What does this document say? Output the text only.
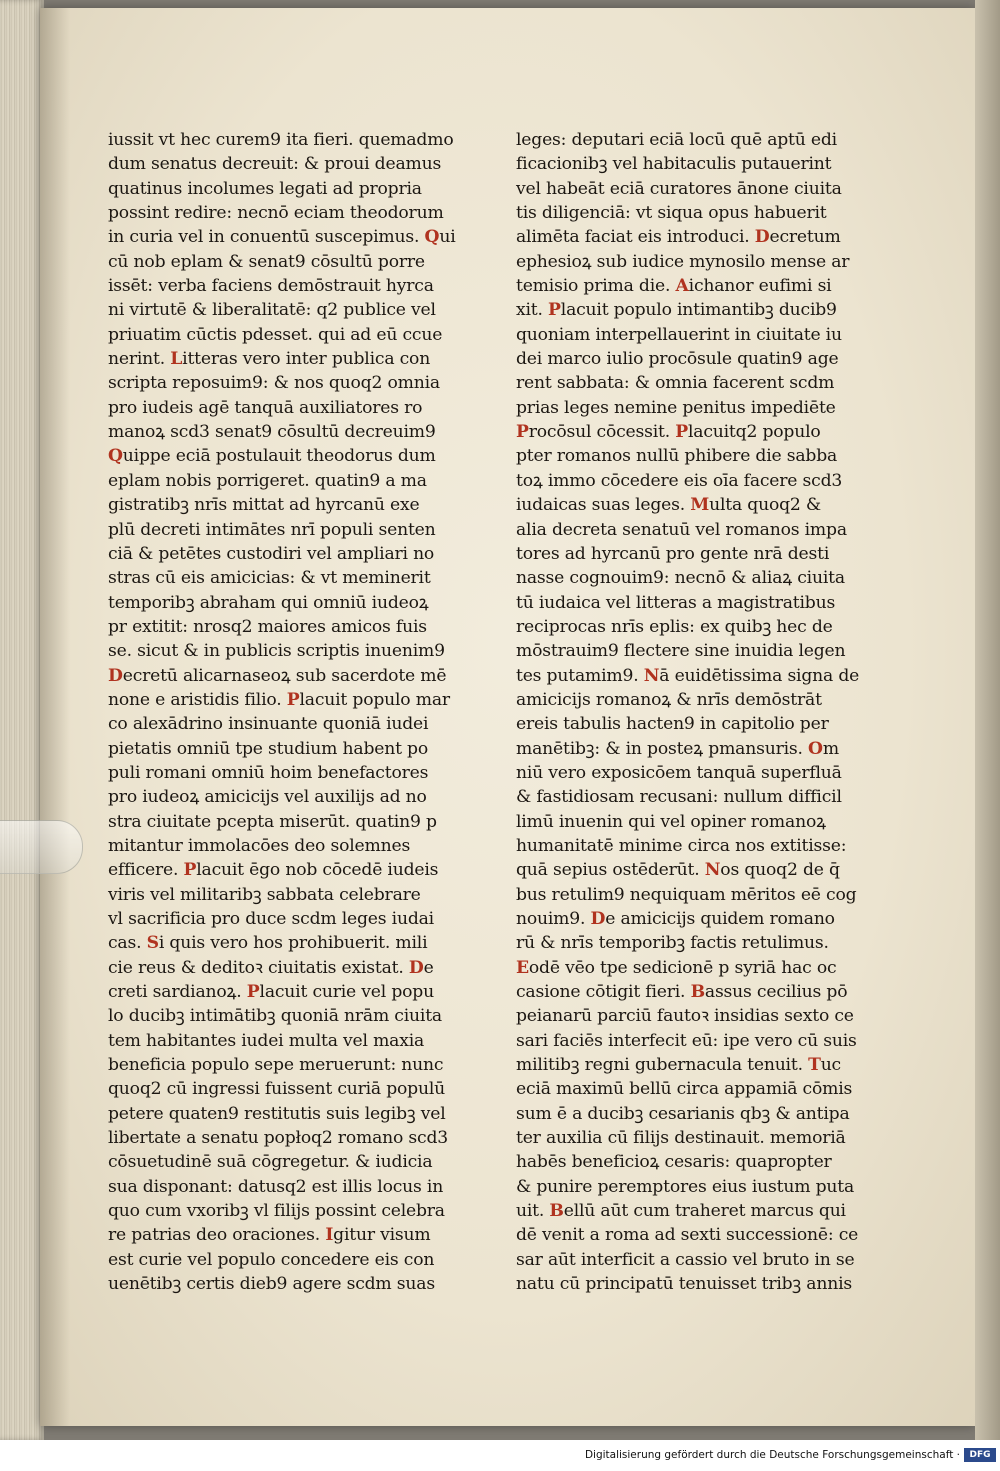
iussit vt hec curem9 ita fieri. quemadmo
dum senatus decreuit: & proui deamus
quatinus incolumes legati ad propria
possint redire: necnō eciam theodorum
in curia vel in conuentū suscepimus. Qui
cū nob eplam & senat9 cōsultū porre
issēt: verba faciens demōstrauit hyrca
ni virtutē & liberalitatē: q2 publice vel
priuatim cūctis pdesset. qui ad eū ccue
nerint. Litteras vero inter publica con
scripta reposuim9: & nos quoq2 omnia
pro iudeis agē tanquā auxiliatores ro
manoꝝ scd3 senat9 cōsultū decreuim9
Quippe eciā postulauit theodorus dum
eplam nobis porrigeret. quatin9 a ma
gistratibꝫ nrīs mittat ad hyrcanū exe
plū decreti intimātes nrī populi senten
ciā & petētes custodiri vel ampliari no
stras cū eis amicicias: & vt meminerit
temporibꝫ abraham qui omniū iudeoꝝ
pr extitit: nrosq2 maiores amicos fuis
se. sicut & in publicis scriptis inuenim9
Decretū alicarnaseoꝝ sub sacerdote mē
none e aristidis filio. Placuit populo mar
co alexādrino insinuante quoniā iudei
pietatis omniū tpe studium habent po
puli romani omniū hoim benefactores
pro iudeoꝝ amicicijs vel auxilijs ad no
stra ciuitate pcepta miserūt. quatin9 p
mitantur immolacōes deo solemnes
efficere. Placuit ēgo nob cōcedē iudeis
viris vel militaribꝫ sabbata celebrare
vl sacrificia pro duce scdm leges iudai
cas. Si quis vero hos prohibuerit. mili
cie reus & deditoꝛ ciuitatis existat. De
creti sardianoꝝ. Placuit curie vel popu
lo ducibꝫ intimātibꝫ quoniā nrām ciuita
tem habitantes iudei multa vel maxia
beneficia populo sepe meruerunt: nunc
quoq2 cū ingressi fuissent curiā populū
petere quaten9 restitutis suis legibꝫ vel
libertate a senatu popłoq2 romano scd3
cōsuetudinē suā cōgregetur. & iudicia
sua disponant: datusq2 est illis locus in
quo cum vxoribꝫ vl filijs possint celebra
re patrias deo oraciones. Igitur visum
est curie vel populo concedere eis con
uenētibꝫ certis dieb9 agere scdm suas
leges: deputari eciā locū quē aptū edi
ficacionibꝫ vel habitaculis putauerint
vel habeāt eciā curatores ānone ciuita
tis diligenciā: vt siqua opus habuerit
alimēta faciat eis introduci. Decretum
ephesioꝝ sub iudice mynosilo mense ar
temisio prima die. Aichanor eufimi si
xit. Placuit populo intimantibꝫ ducib9
quoniam interpellauerint in ciuitate iu
dei marco iulio procōsule quatin9 age
rent sabbata: & omnia facerent scdm
prias leges nemine penitus impediēte
Procōsul cōcessit. Placuitq2 populo
pter romanos nullū phibere die sabba
toꝝ immo cōcedere eis oīa facere scd3
iudaicas suas leges. Multa quoq2 &
alia decreta senatuū vel romanos impa
tores ad hyrcanū pro gente nrā desti
nasse cognouim9: necnō & aliaꝝ ciuita
tū iudaica vel litteras a magistratibus
reciprocas nrīs eplis: ex quibꝫ hec de
mōstrauim9 flectere sine inuidia legen
tes putamim9. Nā euidētissima signa de
amicicijs romanoꝝ & nrīs demōstrāt
ereis tabulis hacten9 in capitolio per
manētibꝫ: & in posteꝝ pmansuris. Om
niū vero exposicōem tanquā superfluā
& fastidiosam recusani: nullum difficil
limū inuenin qui vel opiner romanoꝝ
humanitatē minime circa nos extitisse:
quā sepius ostēderūt. Nos quoq2 de q̄
bus retulim9 nequiquam mēritos eē cog
nouim9. De amicicijs quidem romano
rū & nrīs temporibꝫ factis retulimus.
Eodē vēo tpe sedicionē p syriā hac oc
casione cōtigit fieri. Bassus cecilius pō
peianarū parciū fautoꝛ insidias sexto ce
sari faciēs interfecit eū: ipe vero cū suis
militibꝫ regni gubernacula tenuit. Tuc
eciā maximū bellū circa appamiā cōmis
sum ē a ducibꝫ cesarianis qbꝫ & antipa
ter auxilia cū filijs destinauit. memoriā
habēs beneficioꝝ cesaris: quapropter
& punire peremptores eius iustum puta
uit. Bellū aūt cum traheret marcus qui
dē venit a roma ad sexti successionē: ce
sar aūt interficit a cassio vel bruto in se
natu cū principatū tenuisset tribꝫ annis
Digitalisierung gefördert durch die Deutsche Forschungsgemeinschaft ·	DFG
